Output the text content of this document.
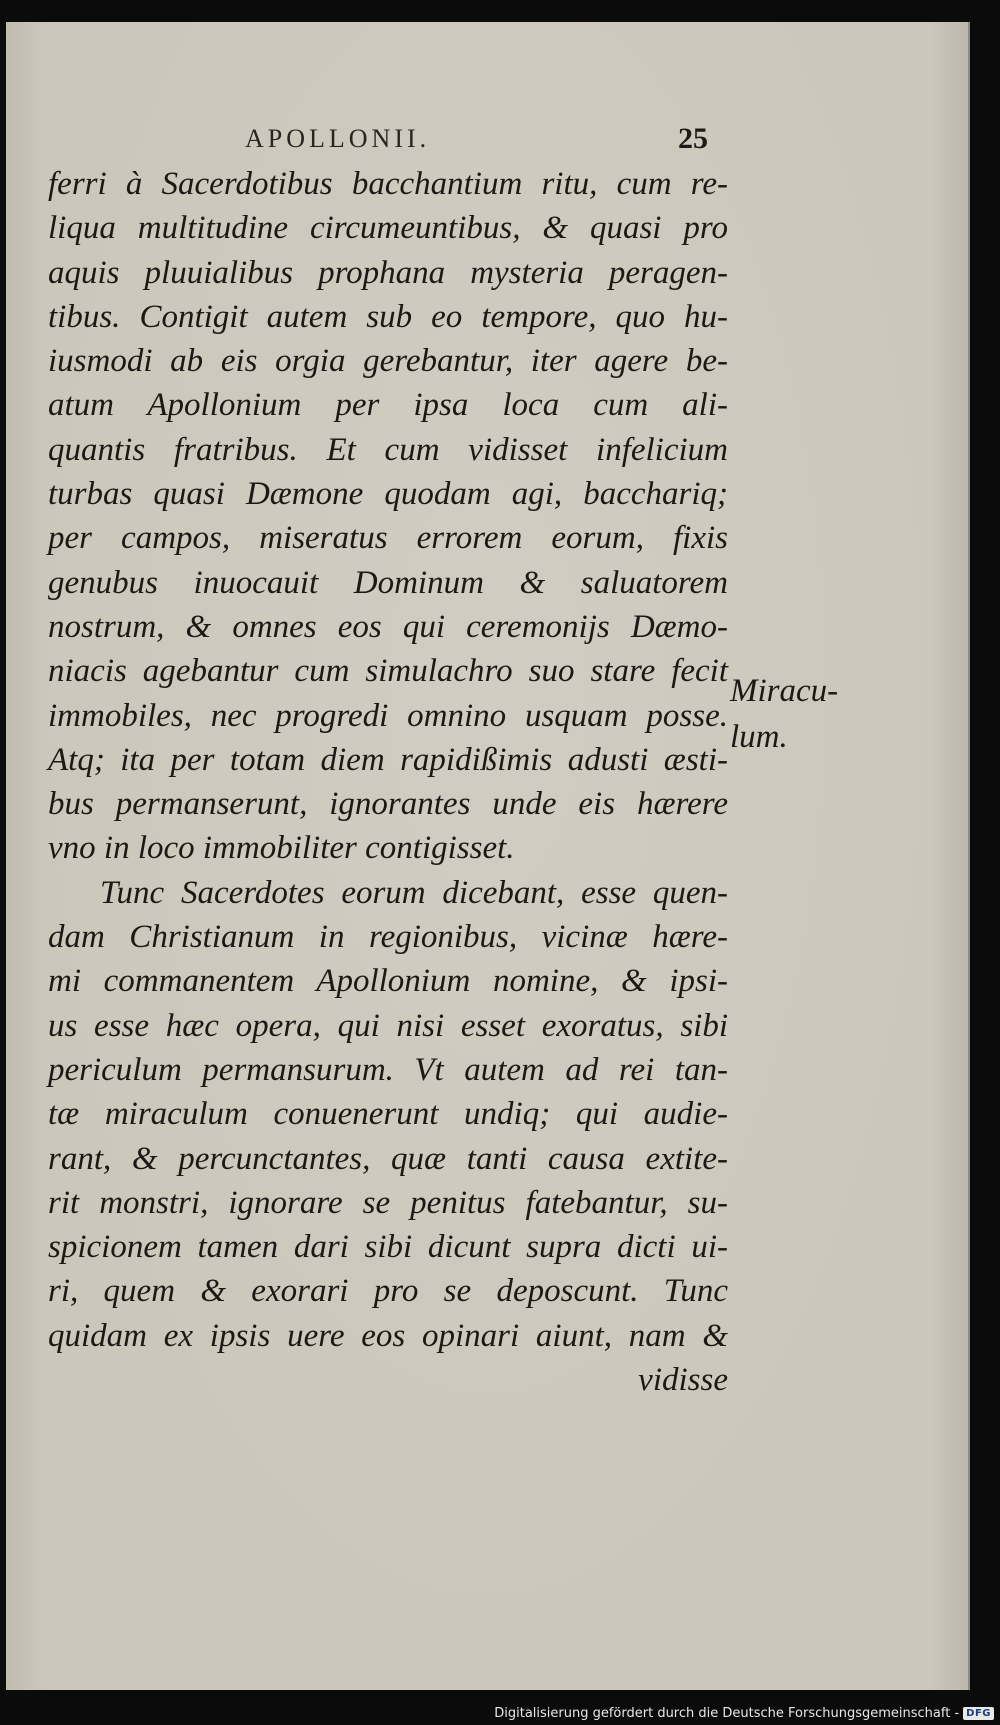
APOLLONII.	25
ferri à Sacerdotibus bacchantium ritu, cum re-
liqua multitudine circumeuntibus, & quasi pro
aquis pluuialibus prophana mysteria peragen-
tibus. Contigit autem sub eo tempore, quo hu-
iusmodi ab eis orgia gerebantur, iter agere be-
atum Apollonium per ipsa loca cum ali-
quantis fratribus. Et cum vidisset infelicium
turbas quasi Dæmone quodam agi, bacchariq;
per campos, miseratus errorem eorum, fixis
genubus inuocauit Dominum & saluatorem
nostrum, & omnes eos qui ceremonijs Dæmo-
niacis agebantur cum simulachro suo stare fecit
immobiles, nec progredi omnino usquam posse.
Atq; ita per totam diem rapidißimis adusti æsti-
bus permanserunt, ignorantes unde eis hærere
vno in loco immobiliter contigisset.
Tunc Sacerdotes eorum dicebant, esse quen-
dam Christianum in regionibus, vicinæ hære-
mi commanentem Apollonium nomine, & ipsi-
us esse hæc opera, qui nisi esset exoratus, sibi
periculum permansurum. Vt autem ad rei tan-
tæ miraculum conuenerunt undiq; qui audie-
rant, & percunctantes, quæ tanti causa extite-
rit monstri, ignorare se penitus fatebantur, su-
spicionem tamen dari sibi dicunt supra dicti ui-
ri, quem & exorari pro se deposcunt. Tunc
quidam ex ipsis uere eos opinari aiunt, nam &
vidisse
Miracu-
lum.
Digitalisierung gefördert durch die Deutsche Forschungsgemeinschaft - DFG
